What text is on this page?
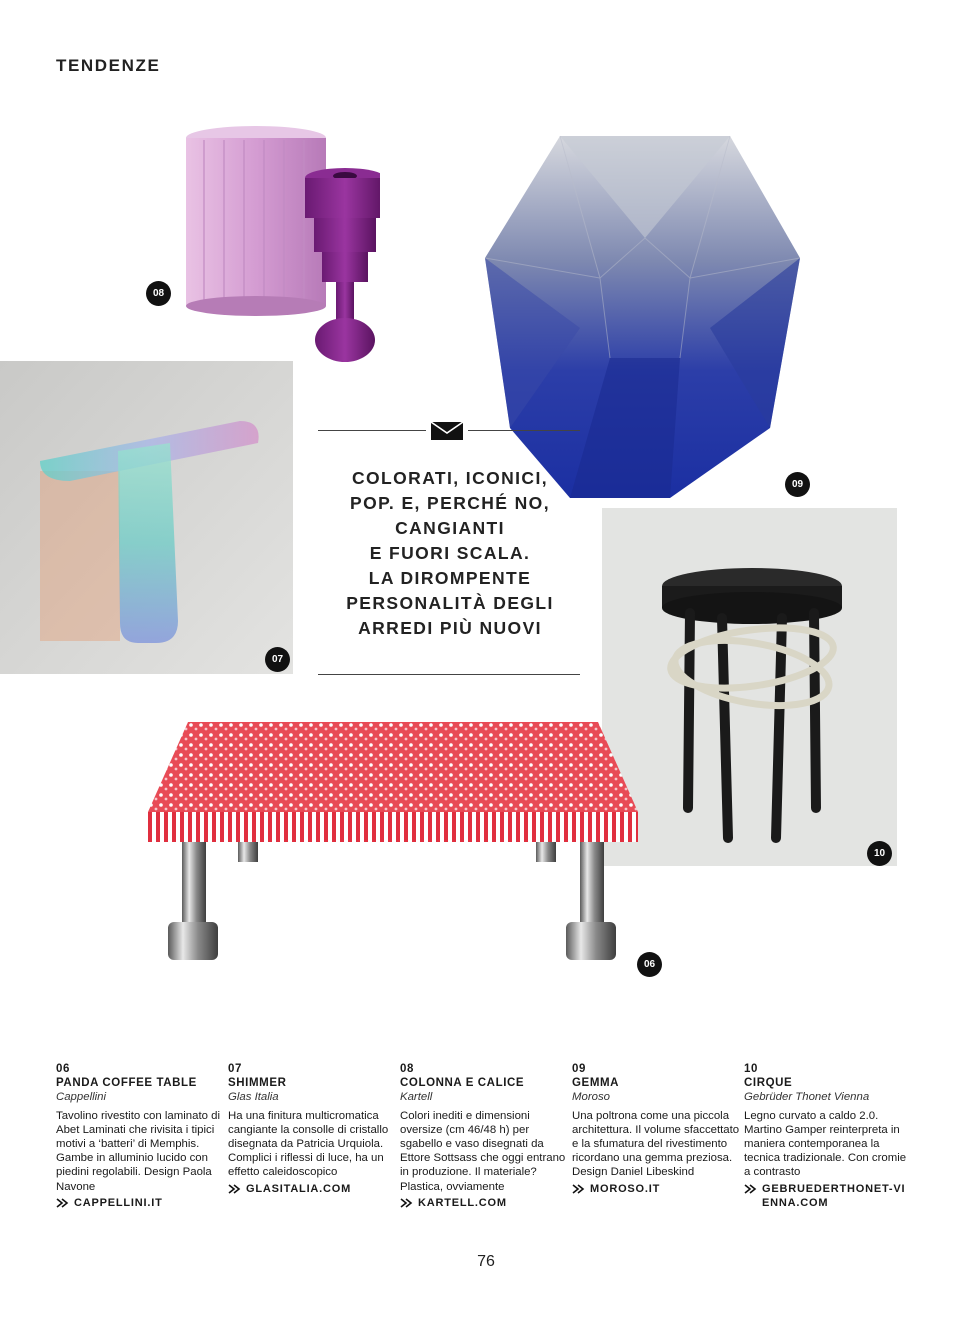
TENDENZE
08
09
07
10
06
COLORATI, ICONICI,
POP. E, PERCHÉ NO,
CANGIANTI
E FUORI SCALA.
LA DIROMPENTE
PERSONALITÀ DEGLI
ARREDI PIÙ NUOVI
06
PANDA COFFEE TABLE
Cappellini
Tavolino rivestito con laminato di Abet Laminati che rivisita i tipici motivi a ‘batteri’ di Memphis. Gambe in alluminio lucido con piedini regolabili. Design Paola Navone
CAPPELLINI.IT
07
SHIMMER
Glas Italia
Ha una finitura multicromatica cangiante la consolle di cristallo disegnata da Patricia Urquiola. Complici i riflessi di luce, ha un effetto caleidoscopico
GLASITALIA.COM
08
COLONNA E CALICE
Kartell
Colori inediti e dimensioni oversize (cm 46/48 h) per sgabello e vaso disegnati da Ettore Sottsass che oggi entrano in produzione. Il materiale? Plastica, ovviamente
KARTELL.COM
09
GEMMA
Moroso
Una poltrona come una piccola architettura. Il volume sfaccettato e la sfumatura del rivestimento ricordano una gemma preziosa. Design Daniel Libeskind
MOROSO.IT
10
CIRQUE
Gebrüder Thonet Vienna
Legno curvato a caldo 2.0. Martino Gamper reinterpreta in maniera contemporanea la tecnica tradizionale. Con cromie a contrasto
GEBRUEDERTHONET-VIENNA.COM
76
